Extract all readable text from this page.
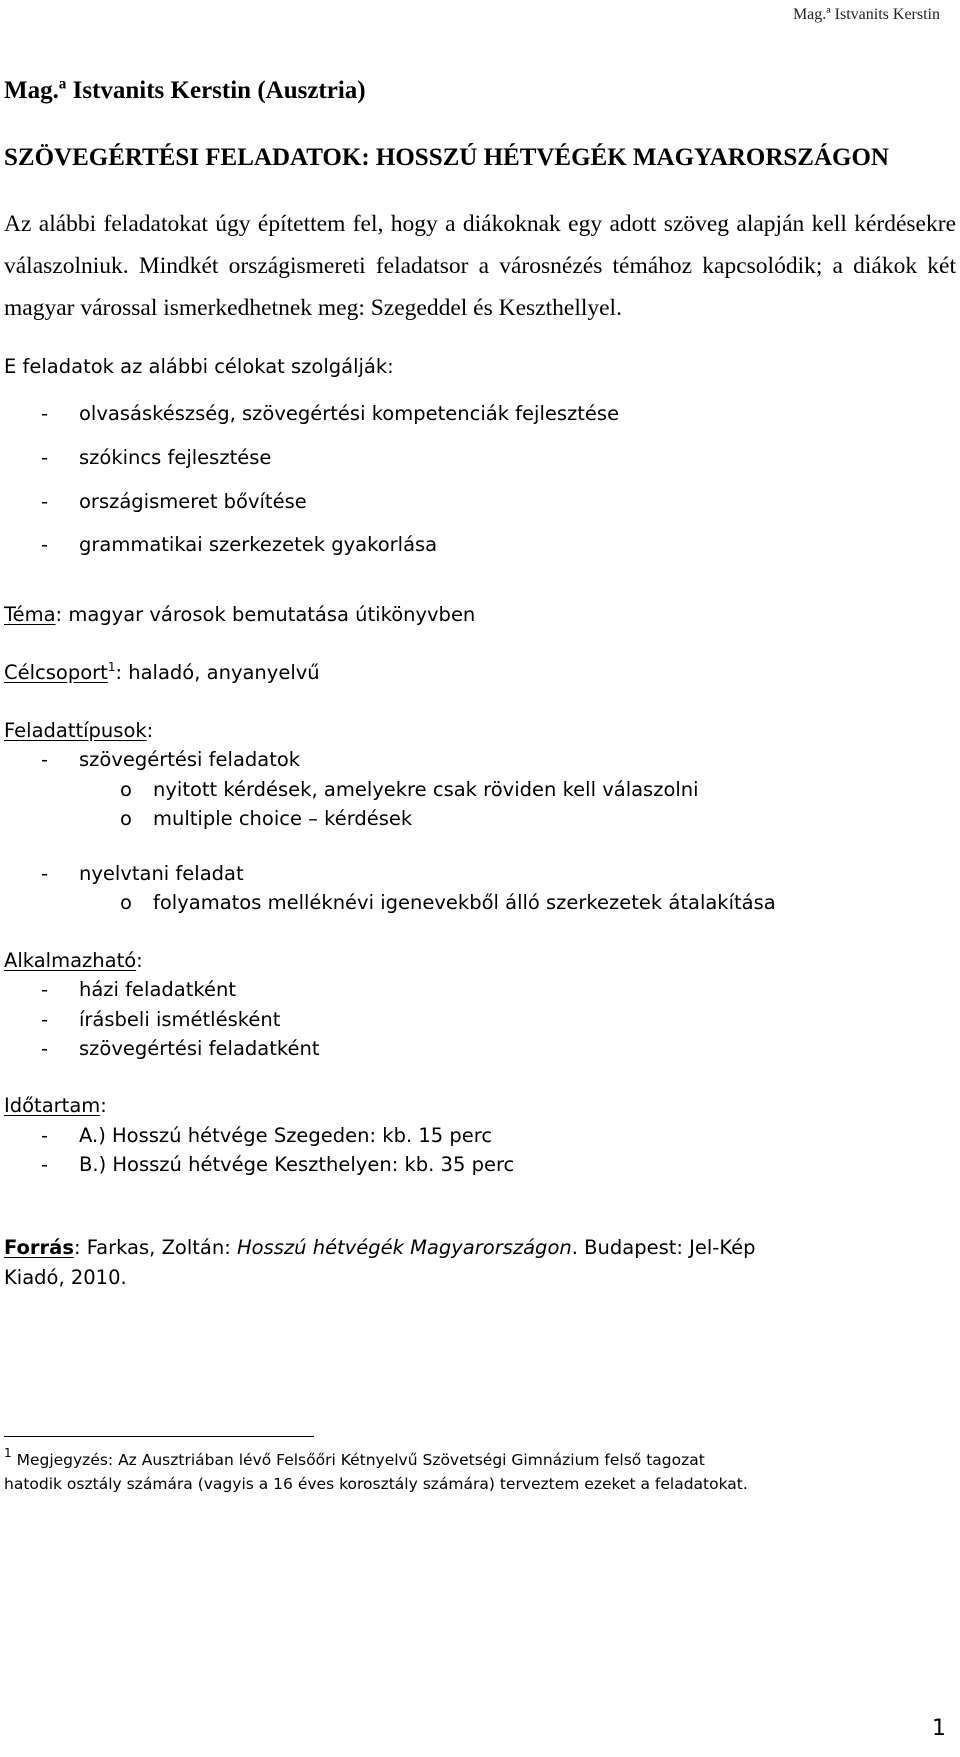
Mag.ª Istvanits Kerstin
Mag.ª Istvanits Kerstin (Ausztria)
SZÖVEGÉRTÉSI FELADATOK: HOSSZÚ HÉTVÉGÉK MAGYARORSZÁGON

Az alábbi feladatokat úgy építettem fel, hogy a diákoknak egy adott szöveg alapján kell kérdésekre válaszolniuk. Mindkét országismereti feladatsor a városnézés témához kapcsolódik; a diákok két magyar várossal ismerkedhetnek meg: Szegeddel és Keszthellyel.

E feladatok az alábbi célokat szolgálják:
- olvasáskészség, szövegértési kompetenciák fejlesztése
- szókincs fejlesztése
- országismeret bővítése
- grammatikai szerkezetek gyakorlása
Téma: magyar városok bemutatása útikönyvben
Célcsoport$^1$: haladó, anyanyelvű
Feladattípusok:
- szövegértési feladatok
o nyitott kérdések, amelyekre csak röviden kell válaszolni
o multiple choice – kérdések
- nyelvtani feladat
o folyamatos melléknévi igenevekből álló szerkezetek átalakítása
Alkalmazható:
- házi feladatként
- írásbeli ismétlésként
- szövegértési feladatként
Időtartam:
- A.) Hosszú hétvége Szegeden: kb. 15 perc
- B.) Hosszú hétvége Keszthelyen: kb. 35 perc
Forrás: Farkas, Zoltán: Hosszú hétvégék Magyarországon. Budapest: Jel-Kép
Kiadó, 2010.
$^1$ Megjegyzés: Az Ausztriában lévő Felsőőri Kétnyelvű Szövetségi Gimnázium felső tagozat
hatodik osztály számára (vagyis a 16 éves korosztály számára) terveztem ezeket a feladatokat.
1
